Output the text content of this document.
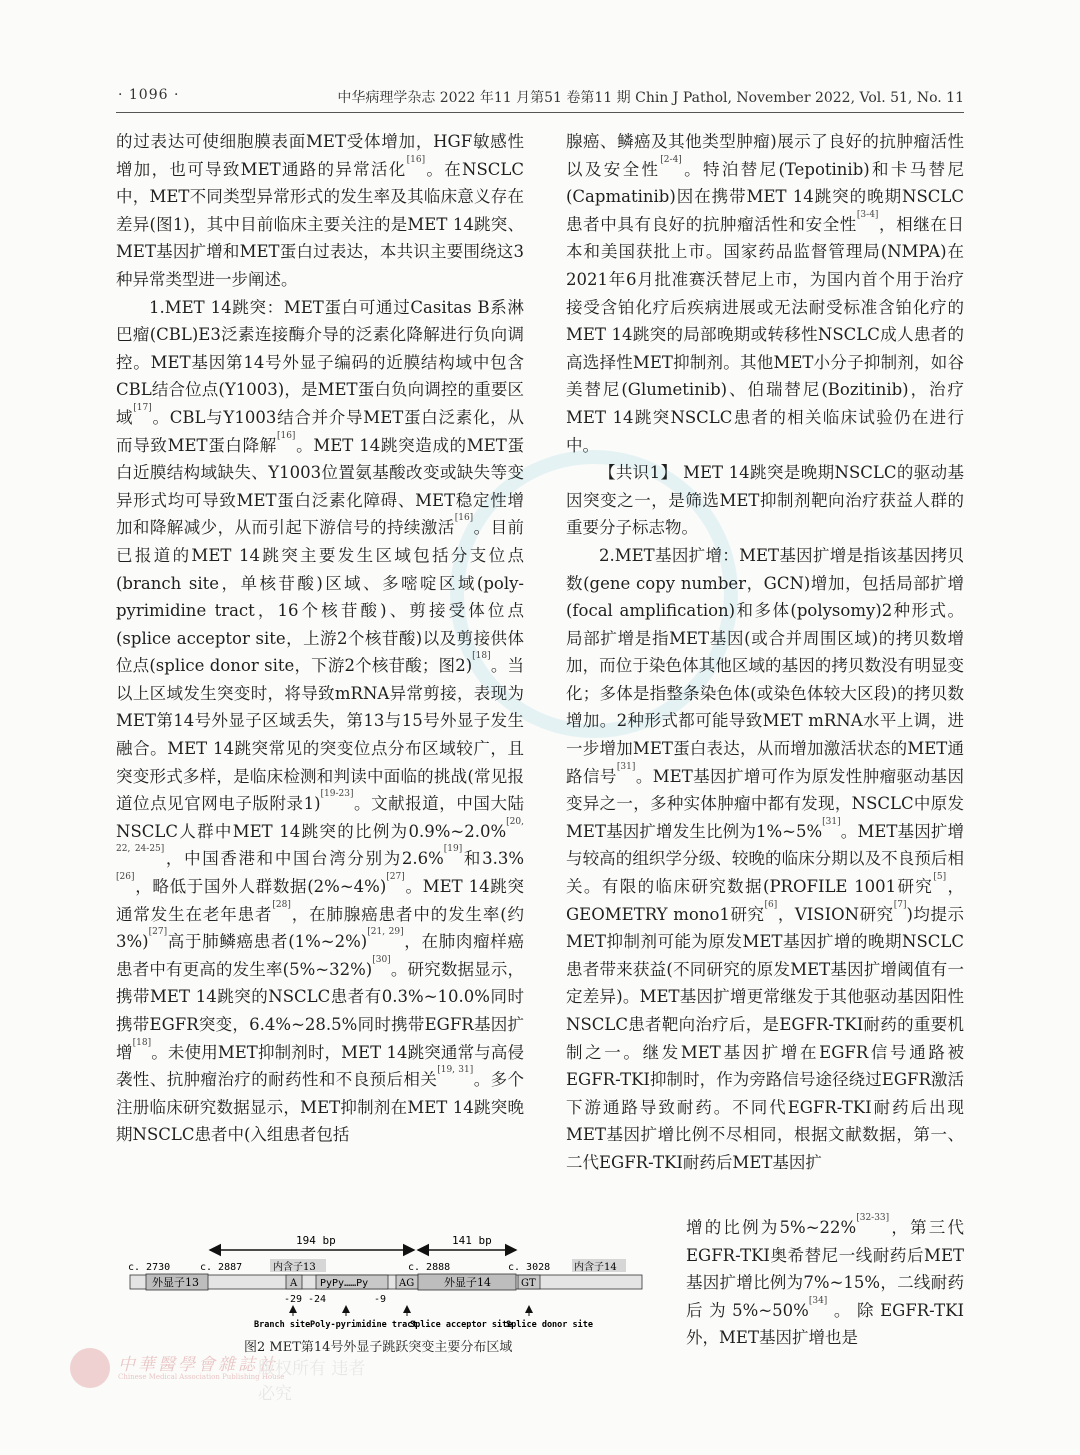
· 1096 ·	中华病理学杂志 2022 年11 月第51 卷第11 期 Chin J Pathol, November 2022, Vol. 51, No. 11

的过表达可使细胞膜表面MET受体增加，HGF敏感性增加，也可导致MET通路的异常活化[16]。在NSCLC中，MET不同类型异常形式的发生率及其临床意义存在差异(图1)，其中目前临床主要关注的是MET 14跳突、MET基因扩增和MET蛋白过表达，本共识主要围绕这3种异常类型进一步阐述。

1.MET 14跳突：MET蛋白可通过Casitas B系淋巴瘤(CBL)E3泛素连接酶介导的泛素化降解进行负向调控。MET基因第14号外显子编码的近膜结构域中包含CBL结合位点(Y1003)，是MET蛋白负向调控的重要区域[17]。CBL与Y1003结合并介导MET蛋白泛素化，从而导致MET蛋白降解[16]。MET 14跳突造成的MET蛋白近膜结构域缺失、Y1003位置氨基酸改变或缺失等变异形式均可导致MET蛋白泛素化障碍、MET稳定性增加和降解减少，从而引起下游信号的持续激活[16]。目前已报道的MET 14跳突主要发生区域包括分支位点(branch site，单核苷酸)区域、多嘧啶区域(poly-pyrimidine tract，16个核苷酸)、剪接受体位点(splice acceptor site，上游2个核苷酸)以及剪接供体位点(splice donor site，下游2个核苷酸；图2)[18]。当以上区域发生突变时，将导致mRNA异常剪接，表现为MET第14号外显子区域丢失，第13与15号外显子发生融合。MET 14跳突常见的突变位点分布区域较广，且突变形式多样，是临床检测和判读中面临的挑战(常见报道位点见官网电子版附录1)[19-23]。文献报道，中国大陆NSCLC人群中MET 14跳突的比例为0.9%~2.0%[20, 22, 24-25]，中国香港和中国台湾分别为2.6%[19]和3.3%[26]，略低于国外人群数据(2%~4%)[27]。MET 14跳突通常发生在老年患者[28]，在肺腺癌患者中的发生率(约3%)[27]高于肺鳞癌患者(1%~2%)[21, 29]，在肺肉瘤样癌患者中有更高的发生率(5%~32%)[30]。研究数据显示，携带MET 14跳突的NSCLC患者有0.3%~10.0%同时携带EGFR突变，6.4%~28.5%同时携带EGFR基因扩增[18]。未使用MET抑制剂时，MET 14跳突通常与高侵袭性、抗肿瘤治疗的耐药性和不良预后相关[19, 31]。多个注册临床研究数据显示，MET抑制剂在MET 14跳突晚期NSCLC患者中(入组患者包括

腺癌、鳞癌及其他类型肿瘤)展示了良好的抗肿瘤活性以及安全性[2-4]。特泊替尼(Tepotinib)和卡马替尼(Capmatinib)因在携带MET 14跳突的晚期NSCLC患者中具有良好的抗肿瘤活性和安全性[3-4]，相继在日本和美国获批上市。国家药品监督管理局(NMPA)在2021年6月批准赛沃替尼上市，为国内首个用于治疗接受含铂化疗后疾病进展或无法耐受标准含铂化疗的MET 14跳突的局部晚期或转移性NSCLC成人患者的高选择性MET抑制剂。其他MET小分子抑制剂，如谷美替尼(Glumetinib)、伯瑞替尼(Bozitinib)，治疗MET 14跳突NSCLC患者的相关临床试验仍在进行中。

【共识1】 MET 14跳突是晚期NSCLC的驱动基因突变之一，是筛选MET抑制剂靶向治疗获益人群的重要分子标志物。

2.MET基因扩增：MET基因扩增是指该基因拷贝数(gene copy number，GCN)增加，包括局部扩增(focal amplification)和多体(polysomy)2种形式。局部扩增是指MET基因(或合并周围区域)的拷贝数增加，而位于染色体其他区域的基因的拷贝数没有明显变化；多体是指整条染色体(或染色体较大区段)的拷贝数增加。2种形式都可能导致MET mRNA水平上调，进一步增加MET蛋白表达，从而增加激活状态的MET通路信号[31]。MET基因扩增可作为原发性肿瘤驱动基因变异之一，多种实体肿瘤中都有发现，NSCLC中原发MET基因扩增发生比例为1%~5%[31]。MET基因扩增与较高的组织学分级、较晚的临床分期以及不良预后相关。有限的临床研究数据(PROFILE 1001研究[5]，GEOMETRY mono1研究[6]，VISION研究[7])均提示MET抑制剂可能为原发MET基因扩增的晚期NSCLC患者带来获益(不同研究的原发MET基因扩增阈值有一定差异)。MET基因扩增更常继发于其他驱动基因阳性NSCLC患者靶向治疗后，是EGFR-TKI耐药的重要机制之一。继发MET基因扩增在EGFR信号通路被EGFR-TKI抑制时，作为旁路信号途径绕过EGFR激活下游通路导致耐药。不同代EGFR-TKI耐药后出现MET基因扩增比例不尽相同，根据文献数据，第一、二代EGFR-TKI耐药后MET基因扩

增的比例为5%~22%[32-33]，第三代EGFR-TKI奥希替尼一线耐药后MET基因扩增比例为7%~15%，二线耐药后为5%~50%[34]。除EGFR-TKI外，MET基因扩增也是

194 bp	141 bp
c. 2730	c. 2887	c. 2888	c. 3028
内含子13	内含子14
外显子13	A PyPy……Py	AG	外显子14	GT
-29 -24	-9
Branch site Poly-pyrimidine tract
Splice acceptor site
Splice donor site
图2 MET第14号外显子跳跃突变主要分布区域
中華醫學會雜誌社
Chinese Medical Association Publishing House
版权所有 违者必究
